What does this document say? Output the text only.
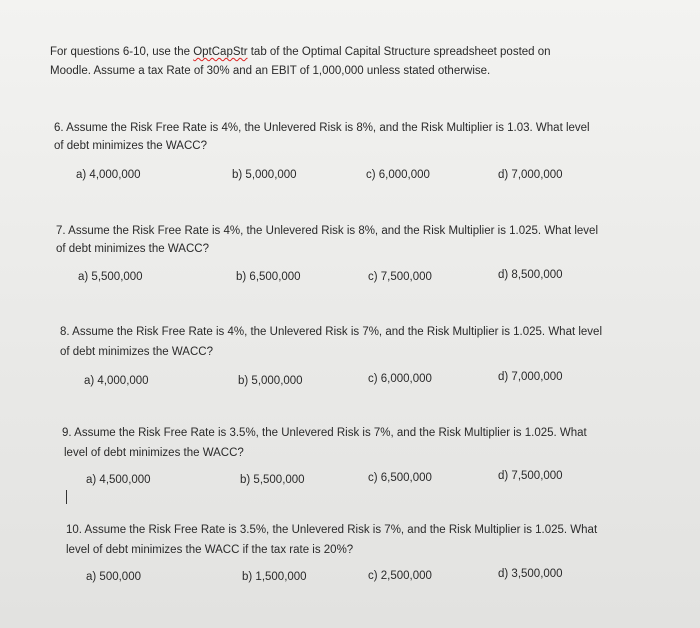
For questions 6-10, use the OptCapStr tab of the Optimal Capital Structure spreadsheet posted on
Moodle. Assume a tax Rate of 30% and an EBIT of 1,000,000 unless stated otherwise.
6. Assume the Risk Free Rate is 4%, the Unlevered Risk is 8%, and the Risk Multiplier is 1.03. What level
of debt minimizes the WACC?
a) 4,000,000	b) 5,000,000	c) 6,000,000	d) 7,000,000
7. Assume the Risk Free Rate is 4%, the Unlevered Risk is 8%, and the Risk Multiplier is 1.025. What level
of debt minimizes the WACC?
a) 5,500,000	b) 6,500,000	c) 7,500,000	d) 8,500,000
8. Assume the Risk Free Rate is 4%, the Unlevered Risk is 7%, and the Risk Multiplier is 1.025. What level
of debt minimizes the WACC?
a) 4,000,000	b) 5,000,000	c) 6,000,000	d) 7,000,000
9. Assume the Risk Free Rate is 3.5%, the Unlevered Risk is 7%, and the Risk Multiplier is 1.025. What
level of debt minimizes the WACC?
a) 4,500,000	b) 5,500,000	c) 6,500,000	d) 7,500,000
10. Assume the Risk Free Rate is 3.5%, the Unlevered Risk is 7%, and the Risk Multiplier is 1.025. What
level of debt minimizes the WACC if the tax rate is 20%?
a) 500,000	b) 1,500,000	c) 2,500,000	d) 3,500,000
